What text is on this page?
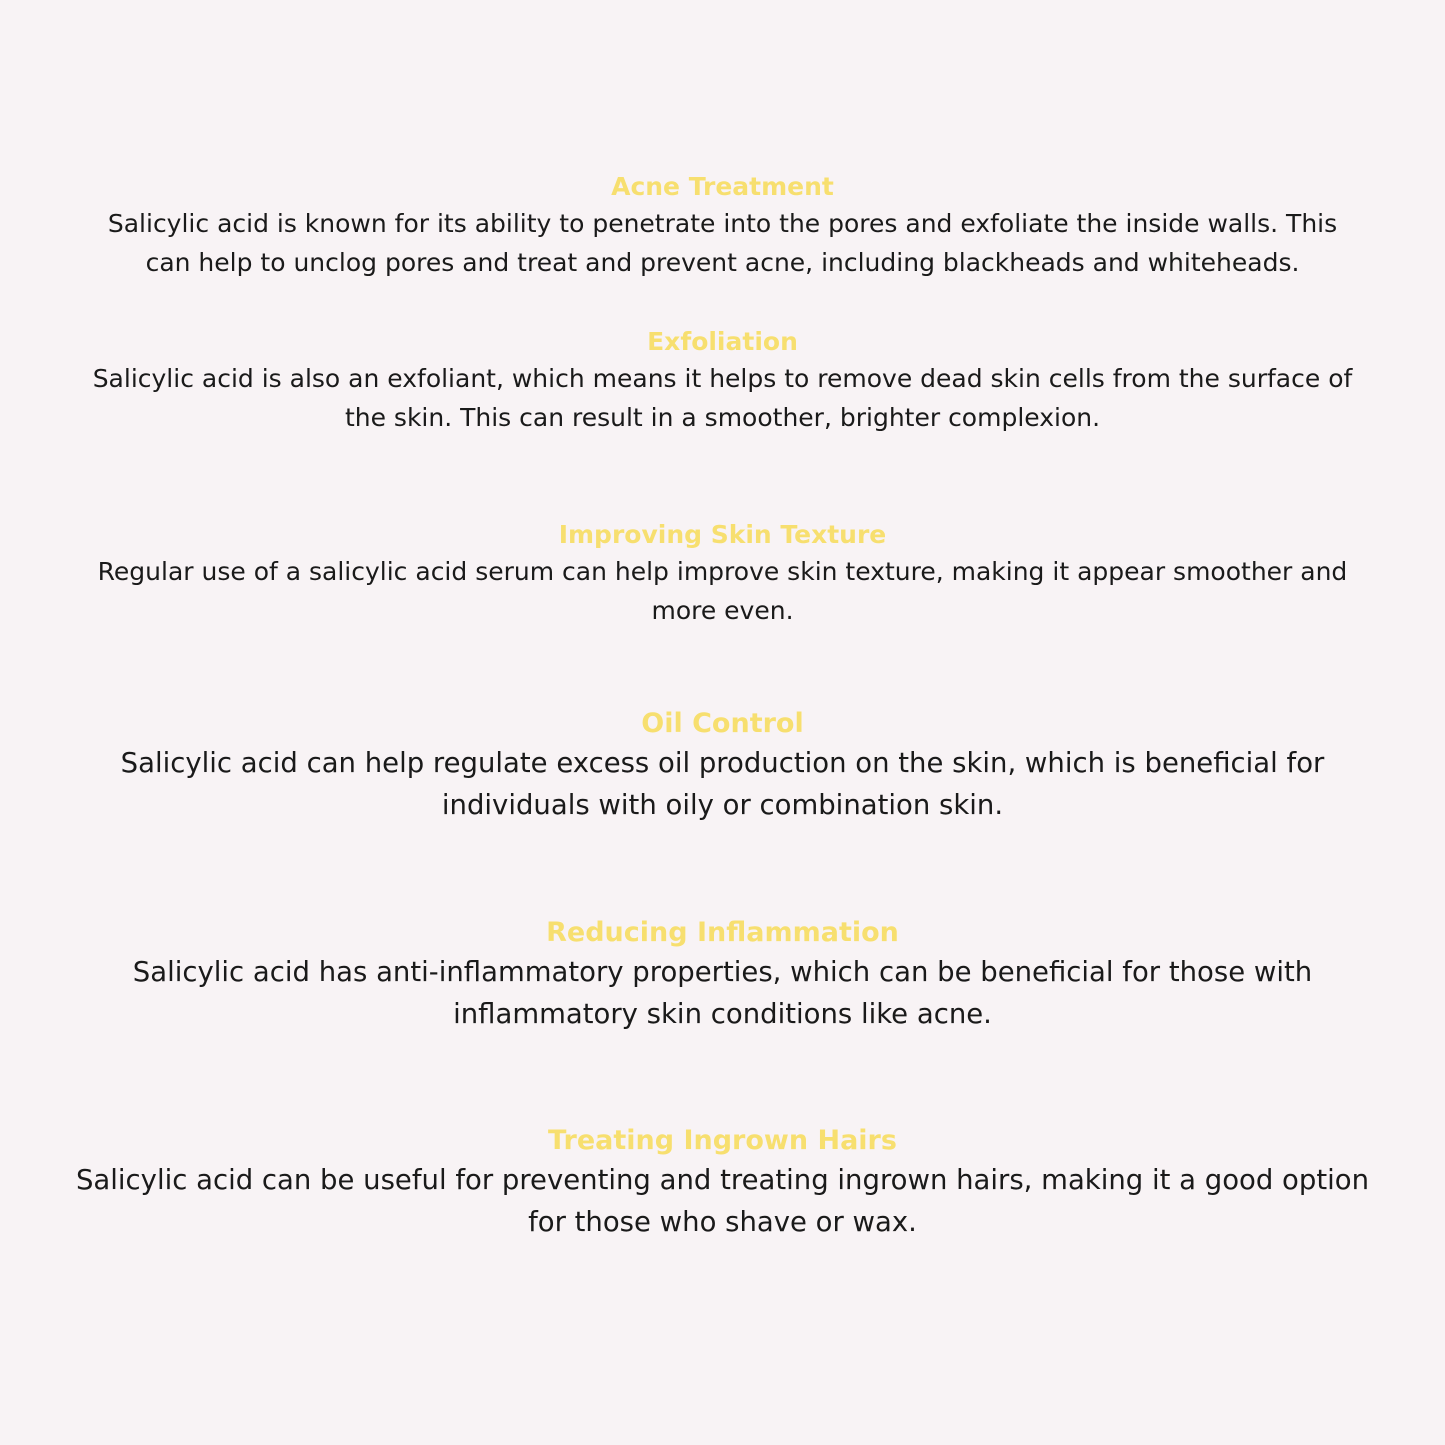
Acne Treatment

Salicylic acid is known for its ability to penetrate into the pores and exfoliate the inside walls. This

can help to unclog pores and treat and prevent acne, including blackheads and whiteheads.

Exfoliation

Salicylic acid is also an exfoliant, which means it helps to remove dead skin cells from the surface of

the skin. This can result in a smoother, brighter complexion.

Improving Skin Texture

Regular use of a salicylic acid serum can help improve skin texture, making it appear smoother and

more even.

Oil Control

Salicylic acid can help regulate excess oil production on the skin, which is beneficial for

individuals with oily or combination skin.

Reducing Inflammation

Salicylic acid has anti-inflammatory properties, which can be beneficial for those with

inflammatory skin conditions like acne.

Treating Ingrown Hairs

Salicylic acid can be useful for preventing and treating ingrown hairs, making it a good option

for those who shave or wax.
